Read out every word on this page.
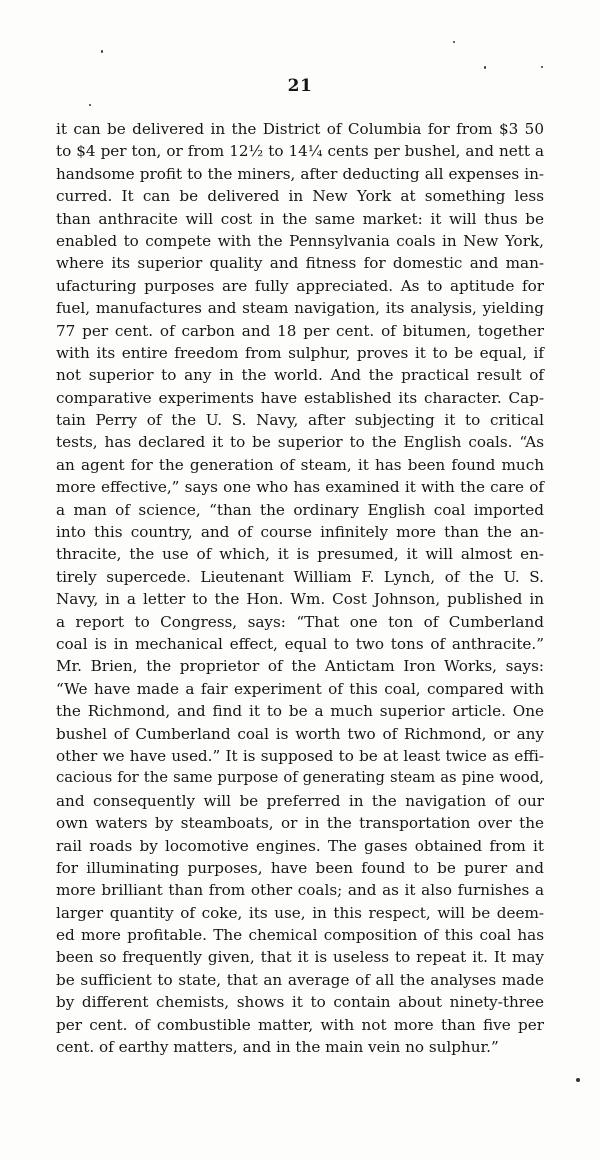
21
it can be delivered in the District of Columbia for from $3 50
to $4 per ton, or from 12½ to 14¼ cents per bushel, and nett a
handsome profit to the miners, after deducting all expenses in-
curred. It can be delivered in New York at something less
than anthracite will cost in the same market: it will thus be
enabled to compete with the Pennsylvania coals in New York,
where its superior quality and fitness for domestic and man-
ufacturing purposes are fully appreciated. As to aptitude for
fuel, manufactures and steam navigation, its analysis, yielding
77 per cent. of carbon and 18 per cent. of bitumen, together
with its entire freedom from sulphur, proves it to be equal, if
not superior to any in the world. And the practical result of
comparative experiments have established its character. Cap-
tain Perry of the U. S. Navy, after subjecting it to critical
tests, has declared it to be superior to the English coals. “As
an agent for the generation of steam, it has been found much
more effective,” says one who has examined it with the care of
a man of science, “than the ordinary English coal imported
into this country, and of course infinitely more than the an-
thracite, the use of which, it is presumed, it will almost en-
tirely supercede. Lieutenant William F. Lynch, of the U. S.
Navy, in a letter to the Hon. Wm. Cost Johnson, published in
a report to Congress, says: “That one ton of Cumberland
coal is in mechanical effect, equal to two tons of anthracite.”
Mr. Brien, the proprietor of the Antictam Iron Works, says:
“We have made a fair experiment of this coal, compared with
the Richmond, and find it to be a much superior article. One
bushel of Cumberland coal is worth two of Richmond, or any
other we have used.” It is supposed to be at least twice as effi-
cacious for the same purpose of generating steam as pine wood,
and consequently will be preferred in the navigation of our
own waters by steamboats, or in the transportation over the
rail roads by locomotive engines. The gases obtained from it
for illuminating purposes, have been found to be purer and
more brilliant than from other coals; and as it also furnishes a
larger quantity of coke, its use, in this respect, will be deem-
ed more profitable. The chemical composition of this coal has
been so frequently given, that it is useless to repeat it. It may
be sufficient to state, that an average of all the analyses made
by different chemists, shows it to contain about ninety-three
per cent. of combustible matter, with not more than five per
cent. of earthy matters, and in the main vein no sulphur.”
